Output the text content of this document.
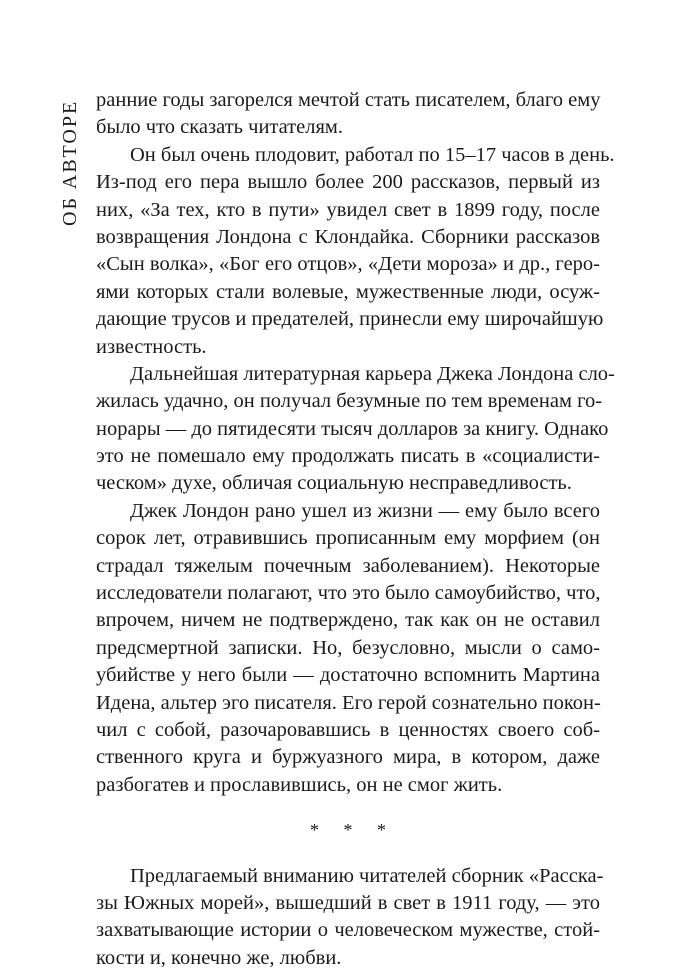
ОБ АВТОРЕ ранние годы загорелся мечтой стать писателем, благо ему
было что сказать читателям.
Он был очень плодовит, работал по 15–17 часов в день.
Из-под его пера вышло более 200 рассказов, первый из
них, «За тех, кто в пути» увидел свет в 1899 году, после
возвращения Лондона с Клондайка. Сборники рассказов
«Сын волка», «Бог его отцов», «Дети мороза» и др., геро-
ями которых стали волевые, мужественные люди, осуж-
дающие трусов и предателей, принесли ему широчайшую
известность.
Дальнейшая литературная карьера Джека Лондона сло-
жилась удачно, он получал безумные по тем временам го-
норары — до пятидесяти тысяч долларов за книгу. Однако
это не помешало ему продолжать писать в «социалисти-
ческом» духе, обличая социальную несправедливость.
Джек Лондон рано ушел из жизни — ему было всего
сорок лет, отравившись прописанным ему морфием (он
страдал тяжелым почечным заболеванием). Некоторые
исследователи полагают, что это было самоубийство, что,
впрочем, ничем не подтверждено, так как он не оставил
предсмертной записки. Но, безусловно, мысли о само-
убийстве у него были — достаточно вспомнить Мартина
Идена, альтер эго писателя. Его герой сознательно покон-
чил с собой, разочаровавшись в ценностях своего соб-
ственного круга и буржуазного мира, в котором, даже
разбогатев и прославившись, он не смог жить.
* * *
Предлагаемый вниманию читателей сборник «Расска-
зы Южных морей», вышедший в свет в 1911 году, — это
захватывающие истории о человеческом мужестве, стой-
кости и, конечно же, любви.
